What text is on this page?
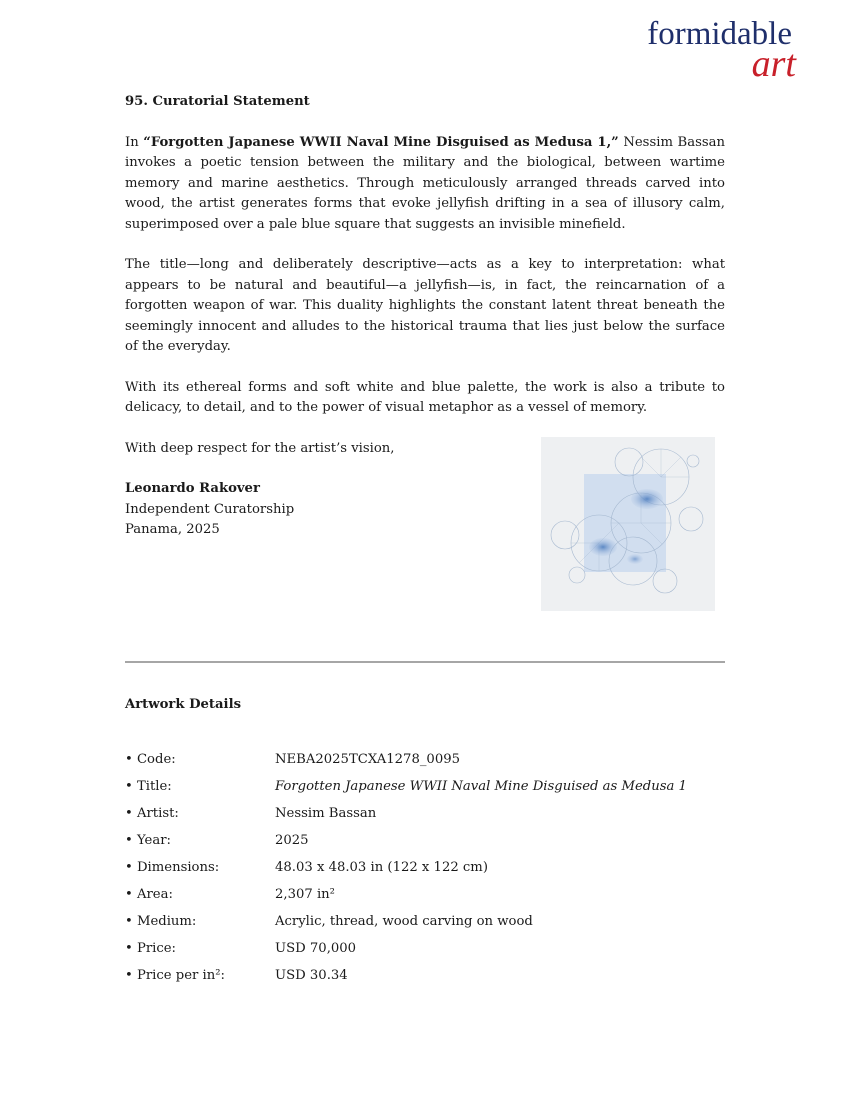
formidable
art
95. Curatorial Statement

In “Forgotten Japanese WWII Naval Mine Disguised as Medusa 1,” Nessim Bassan invokes a poetic tension between the military and the biological, between wartime memory and marine aesthetics. Through meticulously arranged threads carved into wood, the artist generates forms that evoke jellyfish drifting in a sea of illusory calm, superimposed over a pale blue square that suggests an invisible minefield.

The title—long and deliberately descriptive—acts as a key to interpretation: what appears to be natural and beautiful—a jellyfish—is, in fact, the reincarnation of a forgotten weapon of war. This duality highlights the constant latent threat beneath the seemingly innocent and alludes to the historical trauma that lies just below the surface of the everyday.

With its ethereal forms and soft white and blue palette, the work is also a tribute to delicacy, to detail, and to the power of visual metaphor as a vessel of memory.

With deep respect for the artist’s vision,

Leonardo Rakover
Independent Curatorship
Panama, 2025
Artwork Details
• Code:	NEBA2025TCXA1278_0095
• Title:	Forgotten Japanese WWII Naval Mine Disguised as Medusa 1
• Artist:	Nessim Bassan
• Year:	2025
• Dimensions:	48.03 x 48.03 in (122 x 122 cm)
• Area:	2,307 in²
• Medium:	Acrylic, thread, wood carving on wood
• Price:	USD 70,000
• Price per in²:	USD 30.34
